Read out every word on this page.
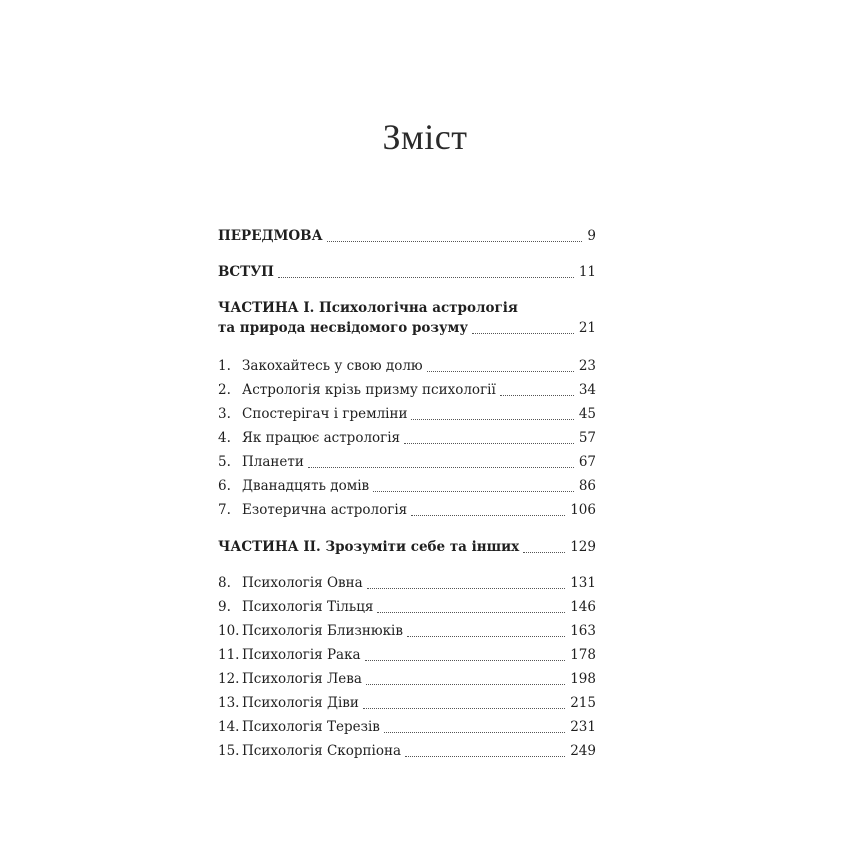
Зміст
ПЕРЕДМОВА	9
ВСТУП	11
ЧАСТИНА I. Психологічна астрологія
та природа несвідомого розуму	21
1. Закохайтесь у свою долю	23
2. Астрологія крізь призму психології	34
3. Спостерігач і гремліни	45
4. Як працює астрологія	57
5. Планети	67
6. Дванадцять домів	86
7. Езотерична астрологія	106
ЧАСТИНА II. Зрозуміти себе та інших	129
8. Психологія Овна	131
9. Психологія Тільця	146
10. Психологія Близнюків	163
11. Психологія Рака	178
12. Психологія Лева	198
13. Психологія Діви	215
14. Психологія Терезів	231
15. Психологія Скорпіона	249
